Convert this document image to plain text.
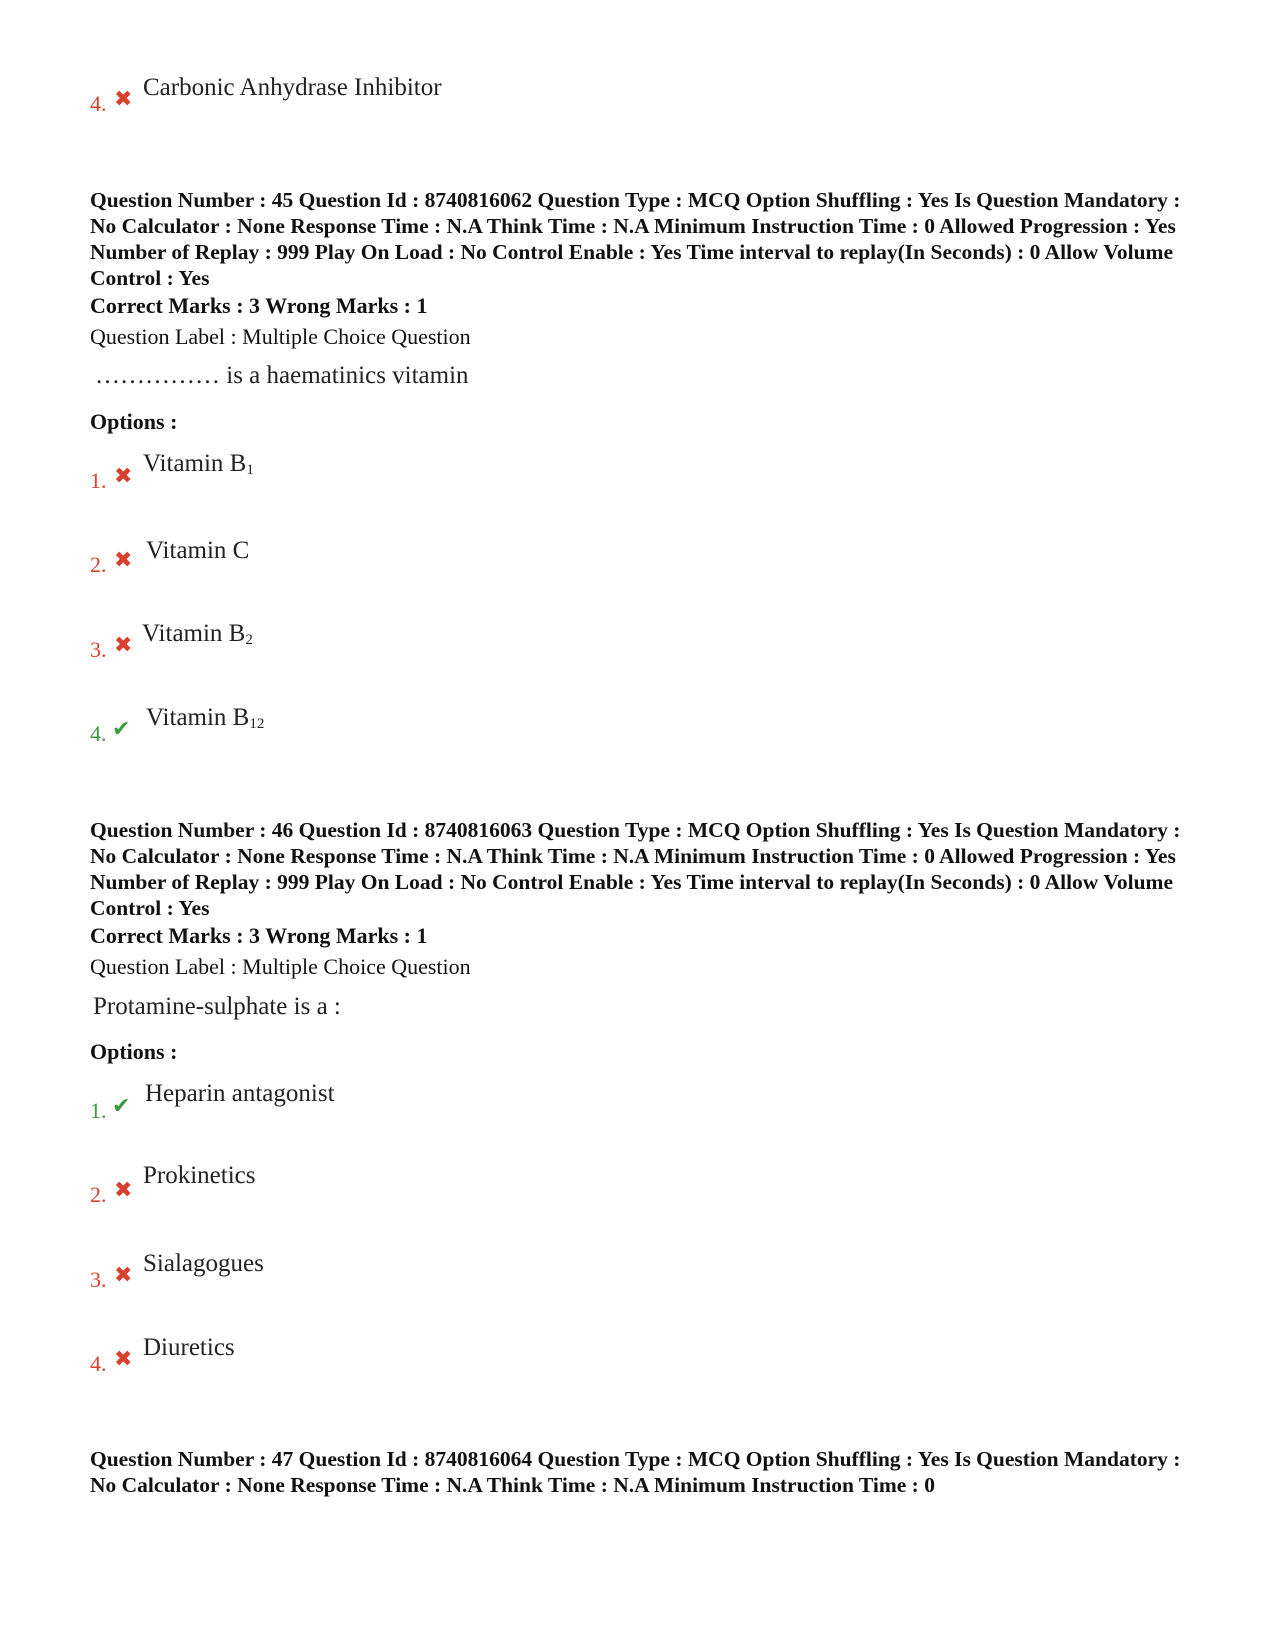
4. ✖ Carbonic Anhydrase Inhibitor
Question Number : 45 Question Id : 8740816062 Question Type : MCQ Option Shuffling : Yes Is Question Mandatory : No Calculator : None Response Time : N.A Think Time : N.A Minimum Instruction Time : 0 Allowed Progression : Yes Number of Replay : 999 Play On Load : No Control Enable : Yes Time interval to replay(In Seconds) : 0 Allow Volume Control : Yes
Correct Marks : 3 Wrong Marks : 1
Question Label : Multiple Choice Question
…………… is a haematinics vitamin
Options :
1. ✖ Vitamin $B_1$
2. ✖ Vitamin C
3. ✖ Vitamin $B_2$
4. ✔ Vitamin $B_{12}$
Question Number : 46 Question Id : 8740816063 Question Type : MCQ Option Shuffling : Yes Is Question Mandatory : No Calculator : None Response Time : N.A Think Time : N.A Minimum Instruction Time : 0 Allowed Progression : Yes Number of Replay : 999 Play On Load : No Control Enable : Yes Time interval to replay(In Seconds) : 0 Allow Volume Control : Yes
Correct Marks : 3 Wrong Marks : 1
Question Label : Multiple Choice Question
Protamine-sulphate is a :
Options :
1. ✔ Heparin antagonist
2. ✖
Prokinetics
3. ✖ Sialagogues
4. ✖ Diuretics
Question Number : 47 Question Id : 8740816064 Question Type : MCQ Option Shuffling : Yes Is Question Mandatory : No Calculator : None Response Time : N.A Think Time : N.A Minimum Instruction Time : 0
